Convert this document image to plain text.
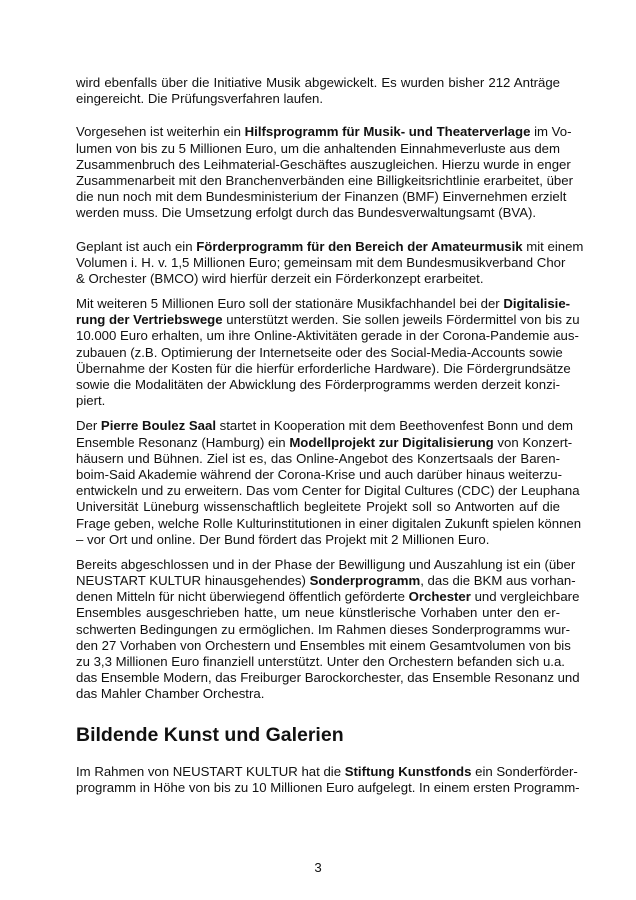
wird ebenfalls über die Initiative Musik abgewickelt. Es wurden bisher 212 Anträge
eingereicht. Die Prüfungsverfahren laufen.
Vorgesehen ist weiterhin ein Hilfsprogramm für Musik- und Theaterverlage im Vo-
lumen von bis zu 5 Millionen Euro, um die anhaltenden Einnahmeverluste aus dem
Zusammenbruch des Leihmaterial-Geschäftes auszugleichen. Hierzu wurde in enger
Zusammenarbeit mit den Branchenverbänden eine Billigkeitsrichtlinie erarbeitet, über
die nun noch mit dem Bundesministerium der Finanzen (BMF) Einvernehmen erzielt
werden muss. Die Umsetzung erfolgt durch das Bundesverwaltungsamt (BVA).
Geplant ist auch ein Förderprogramm für den Bereich der Amateurmusik mit einem
Volumen i. H. v. 1,5 Millionen Euro; gemeinsam mit dem Bundesmusikverband Chor
& Orchester (BMCO) wird hierfür derzeit ein Förderkonzept erarbeitet.
Mit weiteren 5 Millionen Euro soll der stationäre Musikfachhandel bei der Digitalisie-
rung der Vertriebswege unterstützt werden. Sie sollen jeweils Fördermittel von bis zu
10.000 Euro erhalten, um ihre Online-Aktivitäten gerade in der Corona-Pandemie aus-
zubauen (z.B. Optimierung der Internetseite oder des Social-Media-Accounts sowie
Übernahme der Kosten für die hierfür erforderliche Hardware). Die Fördergrundsätze
sowie die Modalitäten der Abwicklung des Förderprogramms werden derzeit konzi-
piert.
Der Pierre Boulez Saal startet in Kooperation mit dem Beethovenfest Bonn und dem
Ensemble Resonanz (Hamburg) ein Modellprojekt zur Digitalisierung von Konzert-
häusern und Bühnen. Ziel ist es, das Online-Angebot des Konzertsaals der Baren-
boim-Said Akademie während der Corona-Krise und auch darüber hinaus weiterzu-
entwickeln und zu erweitern. Das vom Center for Digital Cultures (CDC) der Leuphana
Universität Lüneburg wissenschaftlich begleitete Projekt soll so Antworten auf die
Frage geben, welche Rolle Kulturinstitutionen in einer digitalen Zukunft spielen können
– vor Ort und online. Der Bund fördert das Projekt mit 2 Millionen Euro.
Bereits abgeschlossen und in der Phase der Bewilligung und Auszahlung ist ein (über
NEUSTART KULTUR hinausgehendes) Sonderprogramm, das die BKM aus vorhan-
denen Mitteln für nicht überwiegend öffentlich geförderte Orchester und vergleichbare
Ensembles ausgeschrieben hatte, um neue künstlerische Vorhaben unter den er-
schwerten Bedingungen zu ermöglichen. Im Rahmen dieses Sonderprogramms wur-
den 27 Vorhaben von Orchestern und Ensembles mit einem Gesamtvolumen von bis
zu 3,3 Millionen Euro finanziell unterstützt. Unter den Orchestern befanden sich u.a.
das Ensemble Modern, das Freiburger Barockorchester, das Ensemble Resonanz und
das Mahler Chamber Orchestra.
Bildende Kunst und Galerien
Im Rahmen von NEUSTART KULTUR hat die Stiftung Kunstfonds ein Sonderförder-
programm in Höhe von bis zu 10 Millionen Euro aufgelegt. In einem ersten Programm-
3
